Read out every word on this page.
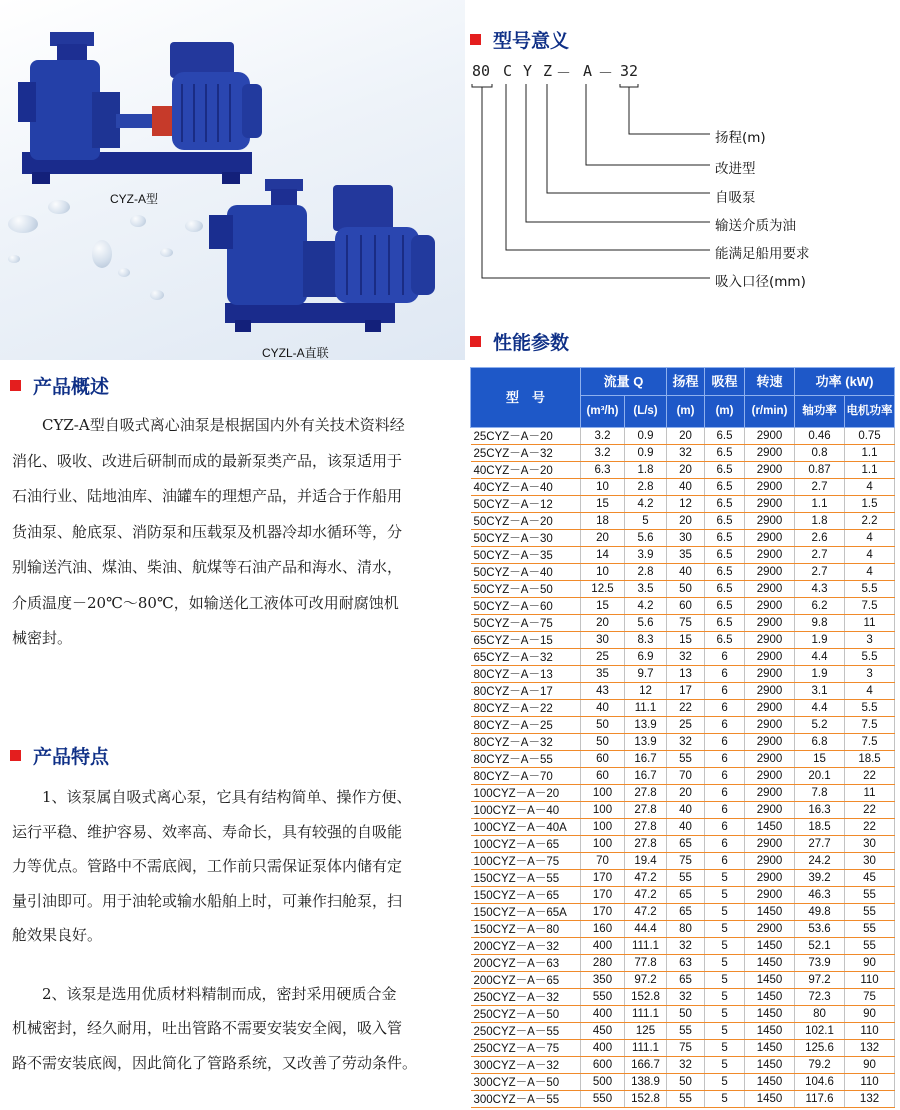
CYZ-A型
CYZL-A直联
型号意义
80 C Y Z － A － 32
扬程(m)
改进型
自吸泵
输送介质为油
能满足船用要求
吸入口径(mm)
产品概述
CYZ-A型自吸式离心油泵是根据国内外有关技术资料经
消化、吸收、改进后研制而成的最新泵类产品，该泵适用于
石油行业、陆地油库、油罐车的理想产品，并适合于作船用
货油泵、舱底泵、消防泵和压载泵及机器冷却水循环等，分
别输送汽油、煤油、柴油、航煤等石油产品和海水、清水，
介质温度－20℃～80℃，如输送化工液体可改用耐腐蚀机
械密封。
产品特点
1、该泵属自吸式离心泵，它具有结构简单、操作方便、
运行平稳、维护容易、效率高、寿命长，具有较强的自吸能
力等优点。管路中不需底阀，工作前只需保证泵体内储有定
量引油即可。用于油轮或输水船舶上时，可兼作扫舱泵，扫
舱效果良好。
2、该泵是选用优质材料精制而成，密封采用硬质合金
机械密封，经久耐用，吐出管路不需要安装安全阀，吸入管
路不需安装底阀，因此简化了管路系统，又改善了劳动条件。
性能参数
型　号	流量 Q		扬程	吸程	转速	功率 (kW)	
	(m³/h)	(L/s)	(m)	(m)	(r/min)	轴功率	电机功率
25CYZ－A－20	3.2	0.9	20	6.5	2900	0.46	0.75
25CYZ－A－32	3.2	0.9	32	6.5	2900	0.8	1.1
40CYZ－A－20	6.3	1.8	20	6.5	2900	0.87	1.1
40CYZ－A－40	10	2.8	40	6.5	2900	2.7	4
50CYZ－A－12	15	4.2	12	6.5	2900	1.1	1.5
50CYZ－A－20	18	5	20	6.5	2900	1.8	2.2
50CYZ－A－30	20	5.6	30	6.5	2900	2.6	4
50CYZ－A－35	14	3.9	35	6.5	2900	2.7	4
50CYZ－A－40	10	2.8	40	6.5	2900	2.7	4
50CYZ－A－50	12.5	3.5	50	6.5	2900	4.3	5.5
50CYZ－A－60	15	4.2	60	6.5	2900	6.2	7.5
50CYZ－A－75	20	5.6	75	6.5	2900	9.8	11
65CYZ－A－15	30	8.3	15	6.5	2900	1.9	3
65CYZ－A－32	25	6.9	32	6	2900	4.4	5.5
80CYZ－A－13	35	9.7	13	6	2900	1.9	3
80CYZ－A－17	43	12	17	6	2900	3.1	4
80CYZ－A－22	40	11.1	22	6	2900	4.4	5.5
80CYZ－A－25	50	13.9	25	6	2900	5.2	7.5
80CYZ－A－32	50	13.9	32	6	2900	6.8	7.5
80CYZ－A－55	60	16.7	55	6	2900	15	18.5
80CYZ－A－70	60	16.7	70	6	2900	20.1	22
100CYZ－A－20	100	27.8	20	6	2900	7.8	11
100CYZ－A－40	100	27.8	40	6	2900	16.3	22
100CYZ－A－40A	100	27.8	40	6	1450	18.5	22
100CYZ－A－65	100	27.8	65	6	2900	27.7	30
100CYZ－A－75	70	19.4	75	6	2900	24.2	30
150CYZ－A－55	170	47.2	55	5	2900	39.2	45
150CYZ－A－65	170	47.2	65	5	2900	46.3	55
150CYZ－A－65A	170	47.2	65	5	1450	49.8	55
150CYZ－A－80	160	44.4	80	5	2900	53.6	55
200CYZ－A－32	400	111.1	32	5	1450	52.1	55
200CYZ－A－63	280	77.8	63	5	1450	73.9	90
200CYZ－A－65	350	97.2	65	5	1450	97.2	110
250CYZ－A－32	550	152.8	32	5	1450	72.3	75
250CYZ－A－50	400	111.1	50	5	1450	80	90
250CYZ－A－55	450	125	55	5	1450	102.1	110
250CYZ－A－75	400	111.1	75	5	1450	125.6	132
300CYZ－A－32	600	166.7	32	5	1450	79.2	90
300CYZ－A－50	500	138.9	50	5	1450	104.6	110
300CYZ－A－55	550	152.8	55	5	1450	117.6	132
